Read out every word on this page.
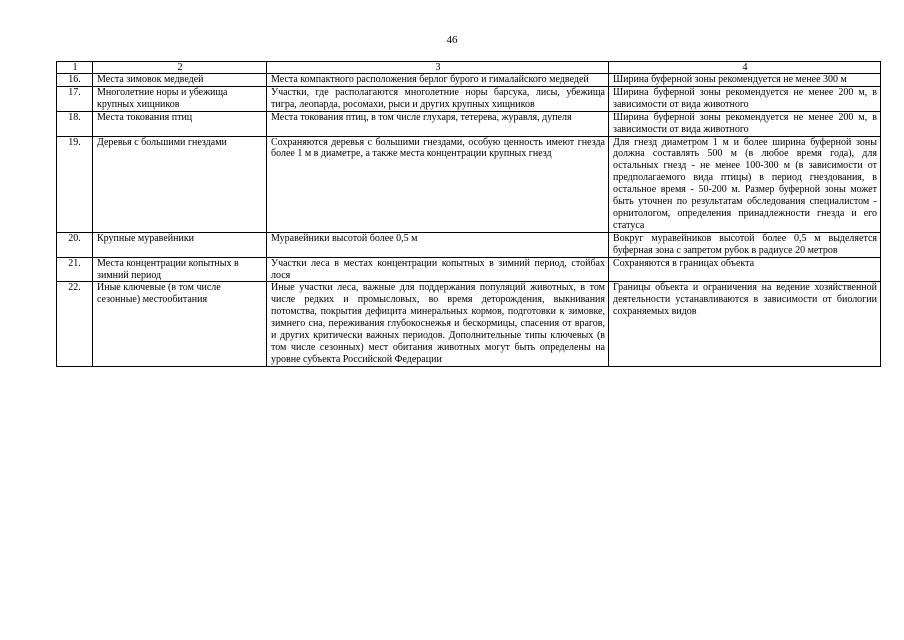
46
1	2	3	4
16.	Места зимовок медведей	Места компактного расположения берлог бурого и гималайского медведей	Ширина буферной зоны рекомендуется не менее 300 м
17.	Многолетние норы и убежища крупных хищников	Участки, где располагаются многолетние норы барсука, лисы, убежища тигра, леопарда, росомахи, рыси и других крупных хищников	Ширина буферной зоны рекомендуется не менее 200 м, в зависимости от вида животного
18.	Места токования птиц	Места токования птиц, в том числе глухаря, тетерева, журавля, дупеля	Ширина буферной зоны рекомендуется не менее 200 м, в зависимости от вида животного
19.	Деревья с большими гнездами	Сохраняются деревья с большими гнездами, особую ценность имеют гнезда более 1 м в диаметре, а также места концентрации крупных гнезд	Для гнезд диаметром 1 м и более ширина буферной зоны должна составлять 500 м (в любое время года), для остальных гнезд - не менее 100-300 м (в зависимости от предполагаемого вида птицы) в период гнездования, в остальное время - 50-200 м. Размер буферной зоны может быть уточнен по результатам обследования специалистом - орнитологом, определения принадлежности гнезда и его статуса
20.	Крупные муравейники	Муравейники высотой более 0,5 м	Вокруг муравейников высотой более 0,5 м выделяется буферная зона с запретом рубок в радиусе 20 метров
21.	Места концентрации копытных в зимний период	Участки леса в местах концентрации копытных в зимний период, стойбах лося	Сохраняются в границах объекта
22.	Иные ключевые (в том числе сезонные) местообитания	Иные участки леса, важные для поддержания популяций животных, в том числе редких и промысловых, во время деторождения, выкнивания потомства, покрытия дефицита минеральных кормов, подготовки к зимовке, зимнего сна, переживания глубокоснежья и бескормицы, спасения от врагов, и других критически важных периодов. Дополнительные типы ключевых (в том числе сезонных) мест обитания животных могут быть определены на уровне субъекта Российской Федерации	Границы объекта и ограничения на ведение хозяйственной деятельности устанавливаются в зависимости от биологии сохраняемых видов
